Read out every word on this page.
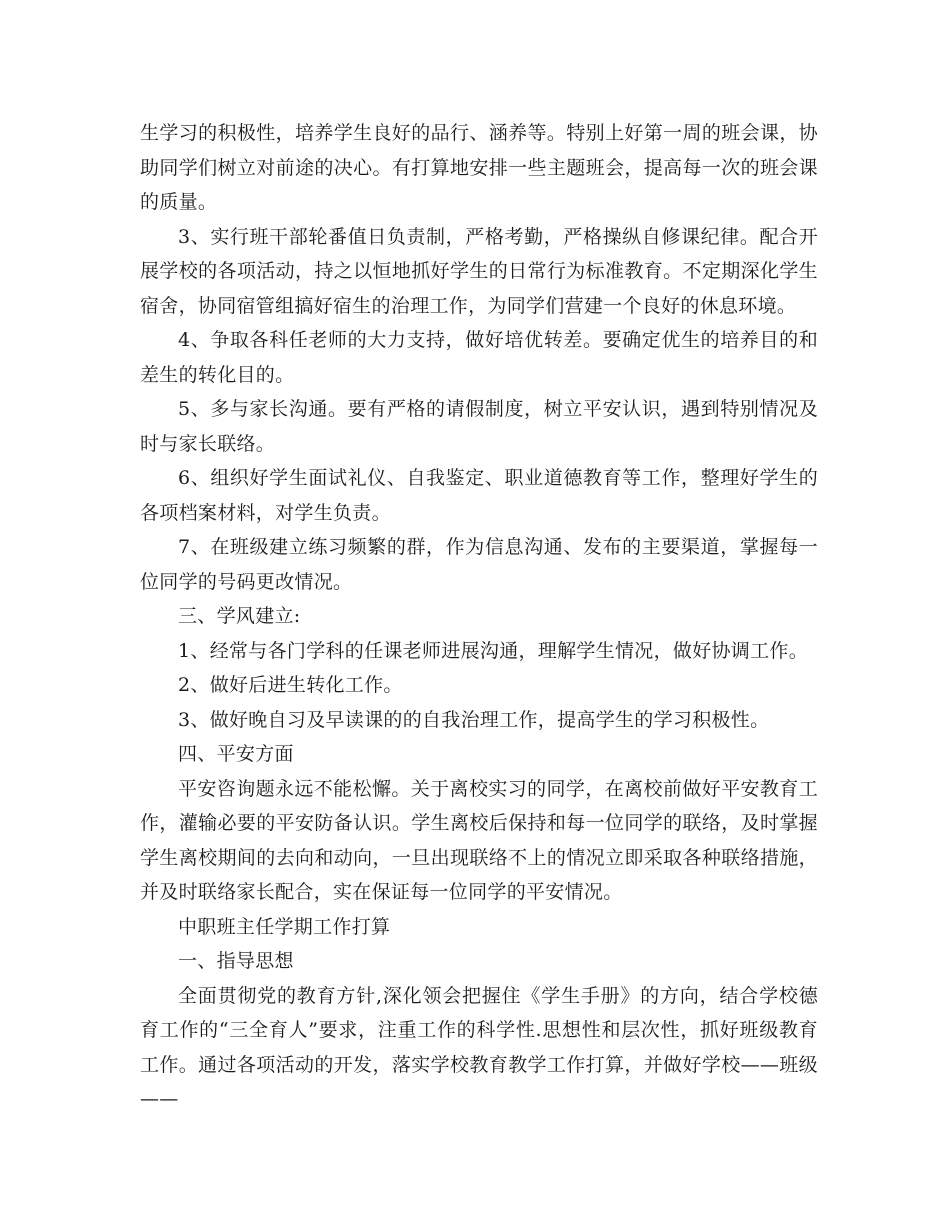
生学习的积极性，培养学生良好的品行、涵养等。特别上好第一周的班会课，协助同学们树立对前途的决心。有打算地安排一些主题班会，提高每一次的班会课的质量。

3、实行班干部轮番值日负责制，严格考勤，严格操纵自修课纪律。配合开展学校的各项活动，持之以恒地抓好学生的日常行为标准教育。不定期深化学生宿舍，协同宿管组搞好宿生的治理工作，为同学们营建一个良好的休息环境。

4、争取各科任老师的大力支持，做好培优转差。要确定优生的培养目的和差生的转化目的。

5、多与家长沟通。要有严格的请假制度，树立平安认识，遇到特别情况及时与家长联络。

6、组织好学生面试礼仪、自我鉴定、职业道德教育等工作，整理好学生的各项档案材料，对学生负责。

7、在班级建立练习频繁的群，作为信息沟通、发布的主要渠道，掌握每一位同学的号码更改情况。

三、学风建立:

1、经常与各门学科的任课老师进展沟通，理解学生情况，做好协调工作。

2、做好后进生转化工作。

3、做好晚自习及早读课的的自我治理工作，提高学生的学习积极性。

四、平安方面

平安咨询题永远不能松懈。关于离校实习的同学，在离校前做好平安教育工作，灌输必要的平安防备认识。学生离校后保持和每一位同学的联络，及时掌握学生离校期间的去向和动向，一旦出现联络不上的情况立即采取各种联络措施，并及时联络家长配合，实在保证每一位同学的平安情况。

中职班主任学期工作打算

一、指导思想

全面贯彻党的教育方针,深化领会把握住《学生手册》的方向，结合学校德育工作的“三全育人”要求，注重工作的科学性.思想性和层次性，抓好班级教育工作。通过各项活动的开发，落实学校教育教学工作打算，并做好学校——班级——
